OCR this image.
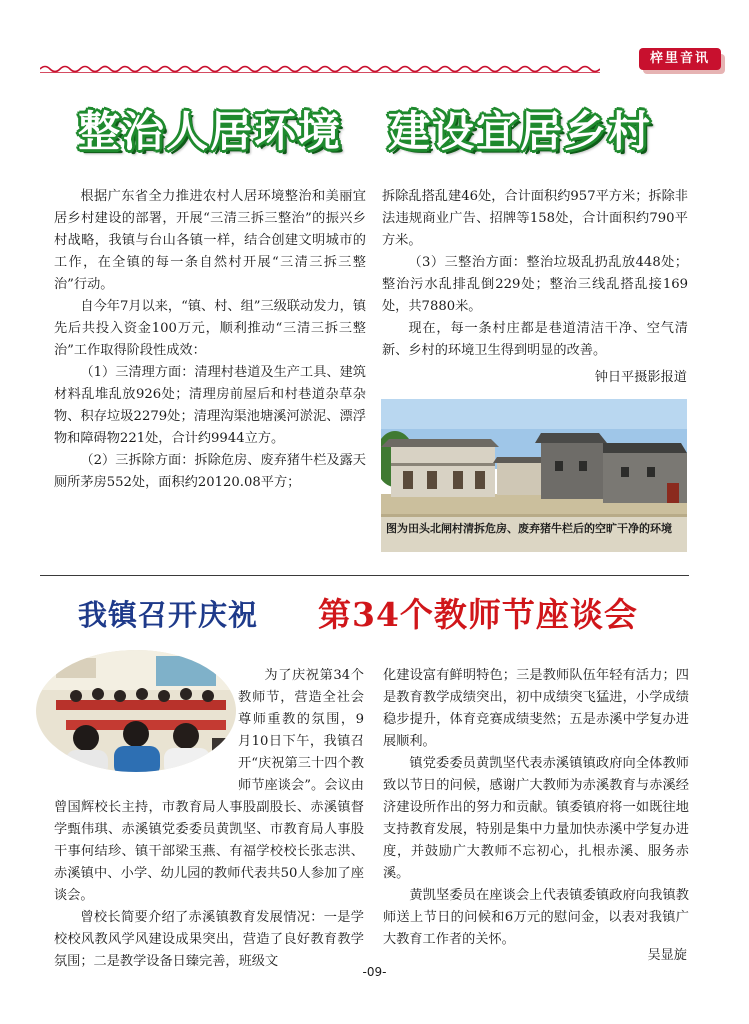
梓里音讯
整治人居环境 建设宜居乡村

根据广东省全力推进农村人居环境整治和美丽宜居乡村建设的部署，开展“三清三拆三整治”的振兴乡村战略，我镇与台山各镇一样，结合创建文明城市的工作，在全镇的每一条自然村开展“三清三拆三整治”行动。

自今年7月以来，“镇、村、组”三级联动发力，镇先后共投入资金100万元，顺利推动“三清三拆三整治”工作取得阶段性成效：

（1）三清理方面：清理村巷道及生产工具、建筑材料乱堆乱放926处；清理房前屋后和村巷道杂草杂物、积存垃圾2279处；清理沟渠池塘溪河淤泥、漂浮物和障碍物221处，合计约9944立方。

（2）三拆除方面：拆除危房、废弃猪牛栏及露天厕所茅房552处，面积约20120.08平方；

拆除乱搭乱建46处，合计面积约957平方米；拆除非法违规商业广告、招牌等158处，合计面积约790平方米。

（3）三整治方面：整治垃圾乱扔乱放448处；整治污水乱排乱倒229处；整治三线乱搭乱接169处，共7880米。

现在，每一条村庄都是巷道清洁干净、空气清新、乡村的环境卫生得到明显的改善。

钟日平摄影报道
图为田头北闸村清拆危房、废弃猪牛栏后的空旷干净的环境
我镇召开庆祝 第34个教师节座谈会

为了庆祝第34个教师节，营造全社会尊师重教的氛围，9月10日下午，我镇召开“庆祝第三十四个教师节座谈会”。会议由曾国辉校长主持，市教育局人事股副股长、赤溪镇督学甄伟琪、赤溪镇党委委员黄凯坚、市教育局人事股干事何结珍、镇干部梁玉燕、有福学校校长张志洪、赤溪镇中、小学、幼儿园的教师代表共50人参加了座谈会。

曾校长简要介绍了赤溪镇教育发展情况：一是学校校风教风学风建设成果突出，营造了良好教育教学氛围；二是教学设备日臻完善，班级文

化建设富有鲜明特色；三是教师队伍年轻有活力；四是教育教学成绩突出，初中成绩突飞猛进，小学成绩稳步提升，体育竞赛成绩斐然；五是赤溪中学复办进展顺利。

镇党委委员黄凯坚代表赤溪镇镇政府向全体教师致以节日的问候，感谢广大教师为赤溪教育与赤溪经济建设所作出的努力和贡献。镇委镇府将一如既往地支持教育发展，特别是集中力量加快赤溪中学复办进度，并鼓励广大教师不忘初心，扎根赤溪、服务赤溪。

黄凯坚委员在座谈会上代表镇委镇政府向我镇教师送上节日的问候和6万元的慰问金，以表对我镇广大教育工作者的关怀。

吴显旋
-09-
